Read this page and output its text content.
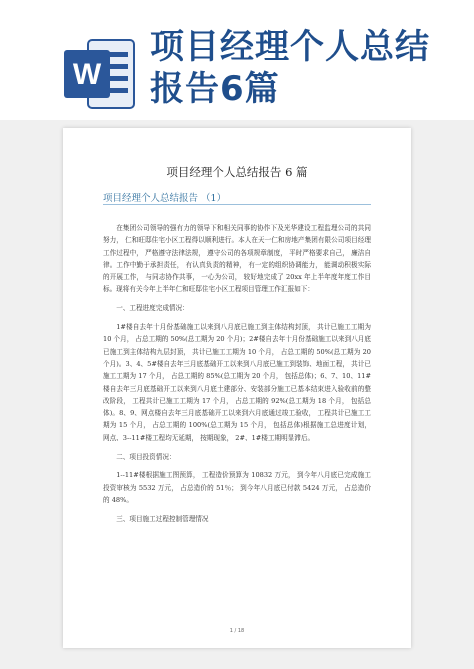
W
项目经理个人总结报告6篇
项目经理个人总结报告 6 篇
项目经理个人总结报告 （1）

在集团公司领导的强有力的领导下和相关同事的协作下及光华建设工程监理公司的共同努力， 仁和旺邸住宅小区工程得以顺利进行。本人在天一仁和房地产集团有限公司项目经理工作过程中， 严格遵守法律法规， 遵守公司的各项规章制度， 平时严格要求自己， 廉洁自律。工作中勤于承担责任， 有认真负责的精神， 有一定的组织协调能力， 能调动积极实际的开展工作， 与同志协作共事， 一心为公司， 较好地完成了 20xx 年上半年度年度工作目标。现将有关今年上半年仁和旺邸住宅小区工程项目管理工作汇报如下：

一、工程进度完成情况：

1#楼自去年十月份基础施工以来到八月底已施工到主体结构封顶， 共计已施工工期为 10 个月， 占总工期的 50%(总工期为 20 个月)；2#楼自去年十月份基础施工以来到八月底已施工到主体结构九层封顶， 共计已施工工期为 10 个月， 占总工期的 50%(总工期为 20 个月)。3、4、5#楼自去年三月底基础开工以来到八月底已施工到装饰、地面工程， 共计已施工工期为 17 个月， 占总工期的 85%(总工期为 20 个月， 包括总体)；6、7、10、11#楼自去年三月底基础开工以来到八月底土建部分、安装部分施工已基本结束进入验收前的整改阶段， 工程共计已施工工期为 17 个月， 占总工期的 92%(总工期为 18 个月， 包括总体)。8、9、网点楼自去年三月底基础开工以来到六月底通过竣工验收， 工程共计已施工工期为 15 个月， 占总工期的 100%(总工期为 15 个月， 包括总体)根据施工总进度计划， 网点、3--11#楼工程均无延期， 按期现象， 2#、1#楼工期明显滞后。

二、项目投资情况：

1--11#楼根据施工图预算， 工程造价预算为 10832 万元， 到今年八月底已完成施工投资审核为 5532 万元， 占总造价的 51％； 到今年八月底已付款 5424 万元， 占总造价的 48%。

三、项目施工过程控制管理情况

1 / 18
